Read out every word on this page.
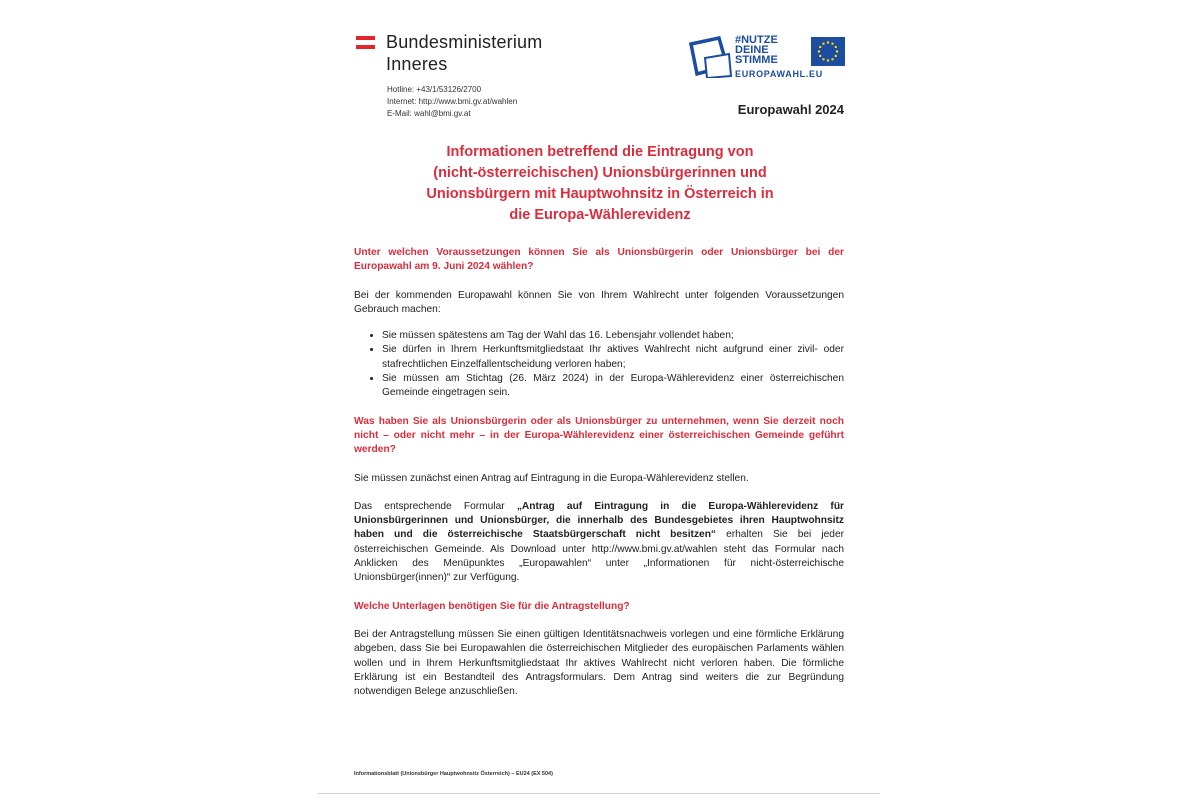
Bundesministerium
Inneres
Hotline: +43/1/53126/2700
Internet: http://www.bmi.gv.at/wahlen
E-Mail: wahl@bmi.gv.at
#NUTZE
DEINE
STIMME
EUROPAWAHL.EU
Europawahl 2024
Informationen betreffend die Eintragung von
(nicht-österreichischen) Unionsbürgerinnen und
Unionsbürgern mit Hauptwohnsitz in Österreich in
die Europa-Wählerevidenz

Unter welchen Voraussetzungen können Sie als Unionsbürgerin oder Unionsbürger bei der Europawahl am 9. Juni 2024 wählen?

Bei der kommenden Europawahl können Sie von Ihrem Wahlrecht unter folgenden Voraussetzungen Gebrauch machen:

• Sie müssen spätestens am Tag der Wahl das 16. Lebensjahr vollendet haben;
• Sie dürfen in Ihrem Herkunftsmitgliedstaat Ihr aktives Wahlrecht nicht aufgrund einer zivil- oder stafrechtlichen Einzelfallentscheidung verloren haben;
• Sie müssen am Stichtag (26. März 2024) in der Europa-Wählerevidenz einer österreichischen Gemeinde eingetragen sein.

Was haben Sie als Unionsbürgerin oder als Unionsbürger zu unternehmen, wenn Sie derzeit noch nicht – oder nicht mehr – in der Europa-Wählerevidenz einer österreichischen Gemeinde geführt werden?

Sie müssen zunächst einen Antrag auf Eintragung in die Europa-Wählerevidenz stellen.

Das entsprechende Formular „Antrag auf Eintragung in die Europa-Wählerevidenz für Unionsbürgerinnen und Unionsbürger, die innerhalb des Bundesgebietes ihren Hauptwohnsitz haben und die österreichische Staatsbürgerschaft nicht besitzen“ erhalten Sie bei jeder österreichischen Gemeinde. Als Download unter http://www.bmi.gv.at/wahlen steht das Formular nach Anklicken des Menüpunktes „Europawahlen“ unter „Informationen für nicht-österreichische Unionsbürger(innen)“ zur Verfügung.

Welche Unterlagen benötigen Sie für die Antragstellung?

Bei der Antragstellung müssen Sie einen gültigen Identitätsnachweis vorlegen und eine förmliche Erklärung abgeben, dass Sie bei Europawahlen die österreichischen Mitglieder des europäischen Parlaments wählen wollen und in Ihrem Herkunftsmitgliedstaat Ihr aktives Wahlrecht nicht verloren haben. Die förmliche Erklärung ist ein Bestandteil des Antragsformulars. Dem Antrag sind weiters die zur Begründung notwendigen Belege anzuschließen.

Informationsblatt (Unionsbürger Hauptwohnsitz Österreich) – EU24 (EX 504)
